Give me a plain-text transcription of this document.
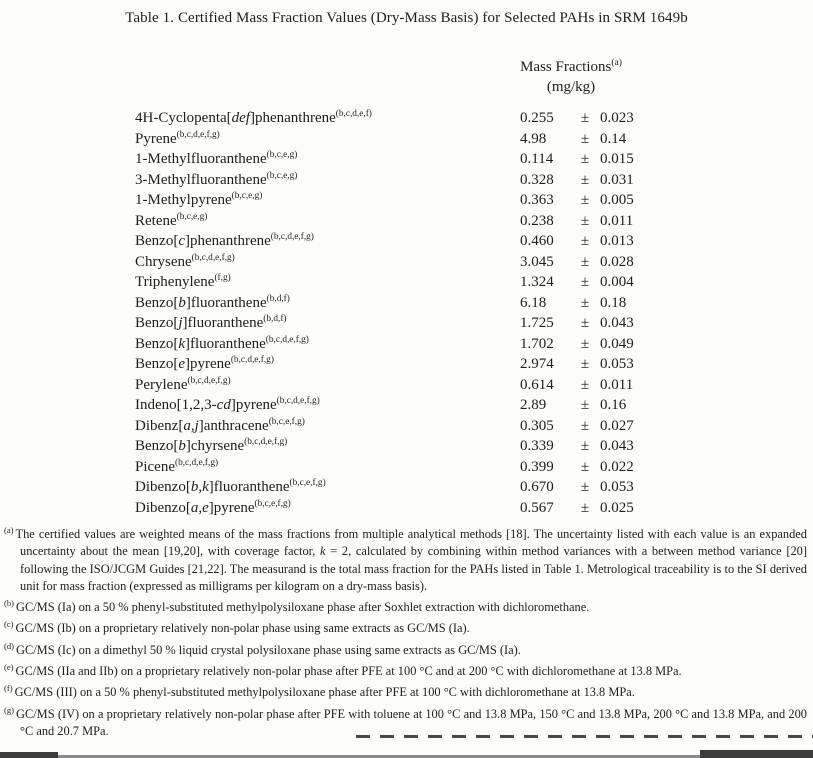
Table 1. Certified Mass Fraction Values (Dry-Mass Basis) for Selected PAHs in SRM 1649b
Mass Fractions$^{(a)}$
(mg/kg)
4H-Cyclopenta[def]phenanthrene$^{(b,c,d,e,f)}$	0.255	± 0.023
Pyrene$^{(b,c,d,e,f,g)}$	4.98	± 0.14
1-Methylfluoranthene$^{(b,c,e,g)}$	0.114	± 0.015
3-Methylfluoranthene$^{(b,c,e,g)}$	0.328	± 0.031
1-Methylpyrene$^{(b,c,e,g)}$	0.363	± 0.005
Retene$^{(b,c,e,g)}$	0.238	± 0.011
Benzo[c]phenanthrene$^{(b,c,d,e,f,g)}$	0.460	± 0.013
Chrysene$^{(b,c,d,e,f,g)}$	3.045	± 0.028
Triphenylene$^{(f,g)}$	1.324	± 0.004
Benzo[b]fluoranthene$^{(b,d,f)}$	6.18	± 0.18
Benzo[j]fluoranthene$^{(b,d,f)}$	1.725	± 0.043
Benzo[k]fluoranthene$^{(b,c,d,e,f,g)}$	1.702	± 0.049
Benzo[e]pyrene$^{(b,c,d,e,f,g)}$	2.974	± 0.053
Perylene$^{(b,c,d,e,f,g)}$	0.614	± 0.011
Indeno[1,2,3-cd]pyrene$^{(b,c,d,e,f,g)}$	2.89	± 0.16
Dibenz[a,j]anthracene$^{(b,c,e,f,g)}$	0.305	± 0.027
Benzo[b]chyrsene$^{(b,c,d,e,f,g)}$	0.339	± 0.043
Picene$^{(b,c,d,e,f,g)}$	0.399	± 0.022
Dibenzo[b,k]fluoranthene$^{(b,c,e,f,g)}$	0.670	± 0.053
Dibenzo[a,e]pyrene$^{(b,c,e,f,g)}$	0.567	± 0.025
$^{(a)}$ The certified values are weighted means of the mass fractions from multiple analytical methods [18]. The uncertainty listed with each value is an expanded uncertainty about the mean [19,20], with coverage factor, k = 2, calculated by combining within method variances with a between method variance [20] following the ISO/JCGM Guides [21,22]. The measurand is the total mass fraction for the PAHs listed in Table 1. Metrological traceability is to the SI derived unit for mass fraction (expressed as milligrams per kilogram on a dry-mass basis).
$^{(b)}$ GC/MS (Ia) on a 50 % phenyl-substituted methylpolysiloxane phase after Soxhlet extraction with dichloromethane.
$^{(c)}$ GC/MS (Ib) on a proprietary relatively non-polar phase using same extracts as GC/MS (Ia).
$^{(d)}$ GC/MS (Ic) on a dimethyl 50 % liquid crystal polysiloxane phase using same extracts as GC/MS (Ia).
$^{(e)}$ GC/MS (IIa and IIb) on a proprietary relatively non-polar phase after PFE at 100 °C and at 200 °C with dichloromethane at 13.8 MPa.
$^{(f)}$ GC/MS (III) on a 50 % phenyl-substituted methylpolysiloxane phase after PFE at 100 °C with dichloromethane at 13.8 MPa.
$^{(g)}$ GC/MS (IV) on a proprietary relatively non-polar phase after PFE with toluene at 100 °C and 13.8 MPa, 150 °C and 13.8 MPa, 200 °C and 13.8 MPa, and 200 °C and 20.7 MPa.
